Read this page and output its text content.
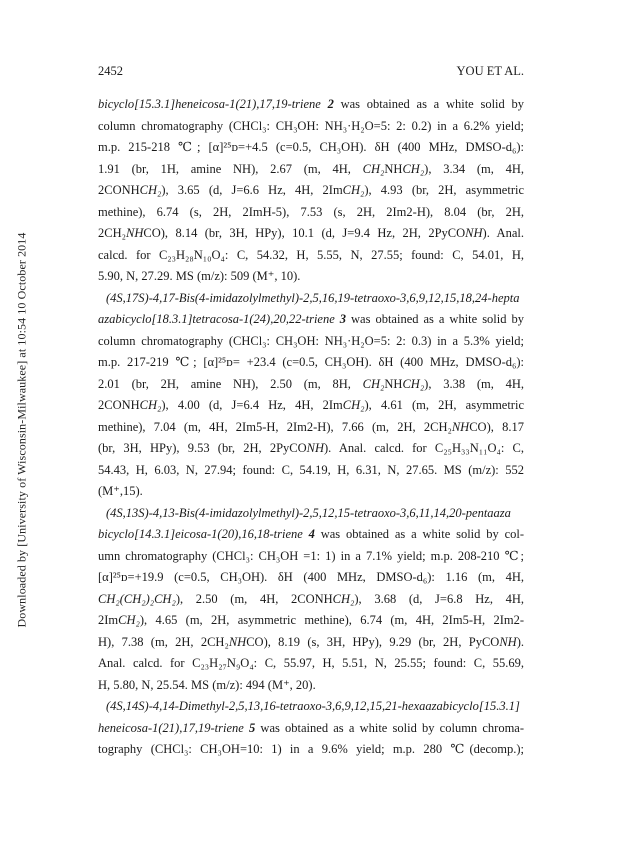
Downloaded by [University of Wisconsin-Milwaukee] at 10:54 10 October 2014
2452	YOU ET AL.

bicyclo[15.3.1]heneicosa-1(21),17,19-triene 2 was obtained as a white solid by

column chromatography (CHCl₃: CH₃OH: NH₃·H₂O=5: 2: 0.2) in a 6.2% yield;

m.p. 215-218 ℃; [α]²⁵ᴅ=+4.5 (c=0.5, CH₃OH). δH (400 MHz, DMSO-d₆):

1.91 (br, 1H, amine NH), 2.67 (m, 4H, CH₂NHCH₂), 3.34 (m, 4H,

2CONHCH₂), 3.65 (d, J=6.6 Hz, 4H, 2ImCH₂), 4.93 (br, 2H, asymmetric

methine), 6.74 (s, 2H, 2ImH-5), 7.53 (s, 2H, 2Im2-H), 8.04 (br, 2H,

2CH₂NHCO), 8.14 (br, 3H, HPy), 10.1 (d, J=9.4 Hz, 2H, 2PyCONH). Anal.

calcd. for C₂₃H₂₈N₁₀O₄: C, 54.32, H, 5.55, N, 27.55; found: C, 54.01, H,

5.90, N, 27.29. MS (m/z): 509 (M⁺, 10).

(4S,17S)-4,17-Bis(4-imidazolylmethyl)-2,5,16,19-tetraoxo-3,6,9,12,15,18,24-hepta

azabicyclo[18.3.1]tetracosa-1(24),20,22-triene 3 was obtained as a white solid by

column chromatography (CHCl₃: CH₃OH: NH₃·H₂O=5: 2: 0.3) in a 5.3% yield;

m.p. 217-219 ℃; [α]²⁵ᴅ= +23.4 (c=0.5, CH₃OH). δH (400 MHz, DMSO-d₆):

2.01 (br, 2H, amine NH), 2.50 (m, 8H, CH₂NHCH₂), 3.38 (m, 4H,

2CONHCH₂), 4.00 (d, J=6.4 Hz, 4H, 2ImCH₂), 4.61 (m, 2H, asymmetric

methine), 7.04 (m, 4H, 2Im5-H, 2Im2-H), 7.66 (m, 2H, 2CH₂NHCO), 8.17

(br, 3H, HPy), 9.53 (br, 2H, 2PyCONH). Anal. calcd. for C₂₅H₃₃N₁₁O₄: C,

54.43, H, 6.03, N, 27.94; found: C, 54.19, H, 6.31, N, 27.65. MS (m/z): 552

(M⁺,15).

(4S,13S)-4,13-Bis(4-imidazolylmethyl)-2,5,12,15-tetraoxo-3,6,11,14,20-pentaaza

bicyclo[14.3.1]eicosa-1(20),16,18-triene 4 was obtained as a white solid by col-

umn chromatography (CHCl₃: CH₃OH =1: 1) in a 7.1% yield; m.p. 208-210 ℃;

[α]²⁵ᴅ=+19.9 (c=0.5, CH₃OH). δH (400 MHz, DMSO-d₆): 1.16 (m, 4H,

CH₂(CH₂)₂CH₂), 2.50 (m, 4H, 2CONHCH₂), 3.68 (d, J=6.8 Hz, 4H,

2ImCH₂), 4.65 (m, 2H, asymmetric methine), 6.74 (m, 4H, 2Im5-H, 2Im2-

H), 7.38 (m, 2H, 2CH₂NHCO), 8.19 (s, 3H, HPy), 9.29 (br, 2H, PyCONH).

Anal. calcd. for C₂₃H₂₇N₉O₄: C, 55.97, H, 5.51, N, 25.55; found: C, 55.69,

H, 5.80, N, 25.54. MS (m/z): 494 (M⁺, 20).

(4S,14S)-4,14-Dimethyl-2,5,13,16-tetraoxo-3,6,9,12,15,21-hexaazabicyclo[15.3.1]

heneicosa-1(21),17,19-triene 5 was obtained as a white solid by column chroma-

tography (CHCl₃: CH₃OH=10: 1) in a 9.6% yield; m.p. 280 ℃(decomp.);
